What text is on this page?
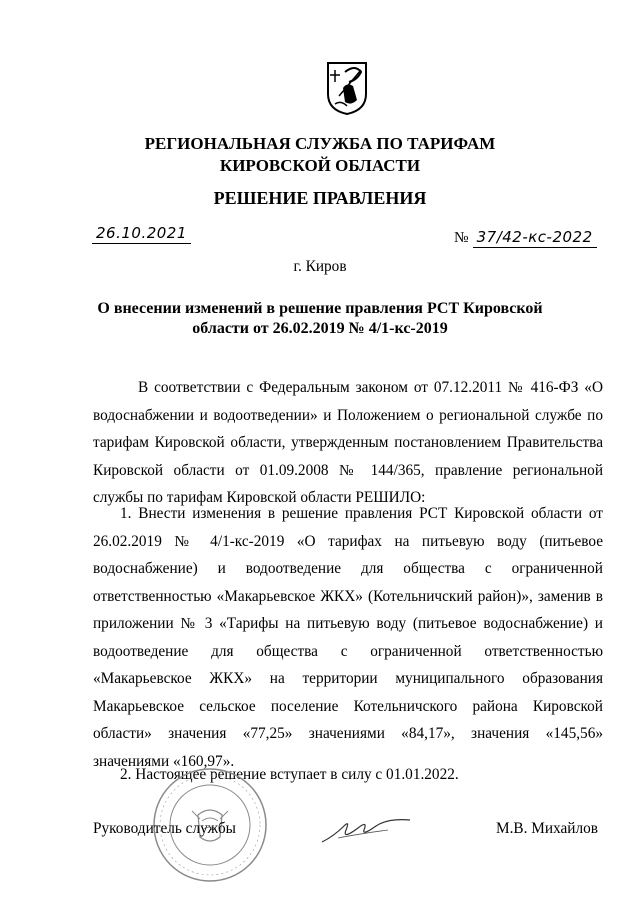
РЕГИОНАЛЬНАЯ СЛУЖБА ПО ТАРИФАМ
КИРОВСКОЙ ОБЛАСТИ
РЕШЕНИЕ ПРАВЛЕНИЯ
26.10.2021	№ 37/42-кс-2022
г. Киров
О внесении изменений в решение правления РСТ Кировской
области от 26.02.2019 № 4/1-кс-2019
В соответствии с Федеральным законом от 07.12.2011 № 416-ФЗ «О
водоснабжении и водоотведении» и Положением о региональной службе по
тарифам Кировской области, утвержденным постановлением Правительства
Кировской области от 01.09.2008 № 144/365, правление региональной
службы по тарифам Кировской области РЕШИЛО:
1. Внести изменения в решение правления РСТ Кировской области от
26.02.2019 № 4/1-кс-2019 «О тарифах на питьевую воду (питьевое
водоснабжение) и водоотведение для общества с ограниченной
ответственностью «Макарьевское ЖКХ» (Котельничский район)», заменив в
приложении № 3 «Тарифы на питьевую воду (питьевое водоснабжение) и
водоотведение для общества с ограниченной ответственностью
«Макарьевское ЖКХ» на территории муниципального образования
Макарьевское сельское поселение Котельничского района Кировской
области» значения «77,25» значениями «84,17», значения «145,56»
значениями «160,97».
2. Настоящее решение вступает в силу с 01.01.2022.
Руководитель службы	М.В. Михайлов
